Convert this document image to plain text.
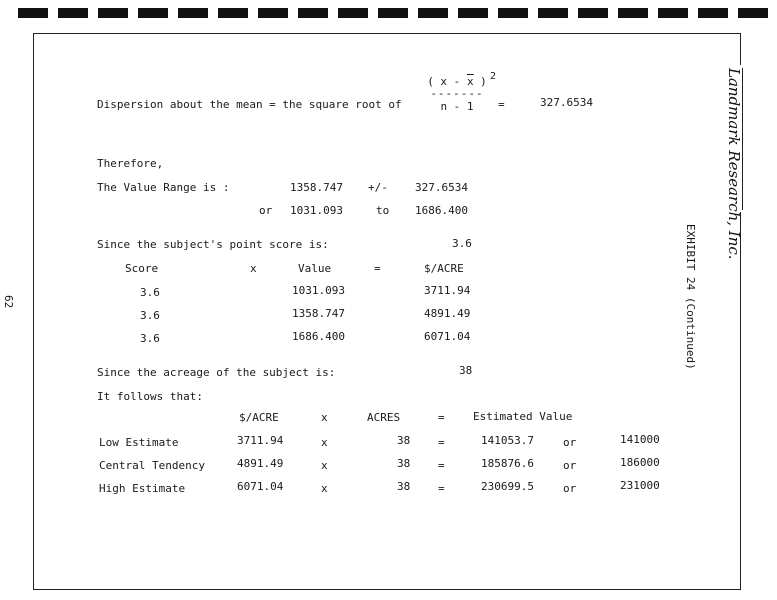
62
Landmark Research, Inc.
EXHIBIT 24 (Continued)
Dispersion about the mean = the square root of
( x - $\overline{x}$ ) 2
-------
n - 1	=	327.6534
Therefore,
The Value Range is :	1358.747 +/- 327.6534
or 1031.093	to 1686.400
Since the subject's point score is:	3.6
Score	x	Value	=	$/ACRE
3.6	1031.093	3711.94
3.6	1358.747	4891.49
3.6	1686.400	6071.04
Since the acreage of the subject is:	38
It follows that:
$/ACRE	x	ACRES	=	Estimated Value
Low Estimate	3711.94	x	38	=	141053.7	or	141000
Central Tendency	4891.49	x	38	=	185876.6	or	186000
High Estimate	6071.04	x	38	=	230699.5	or	231000
